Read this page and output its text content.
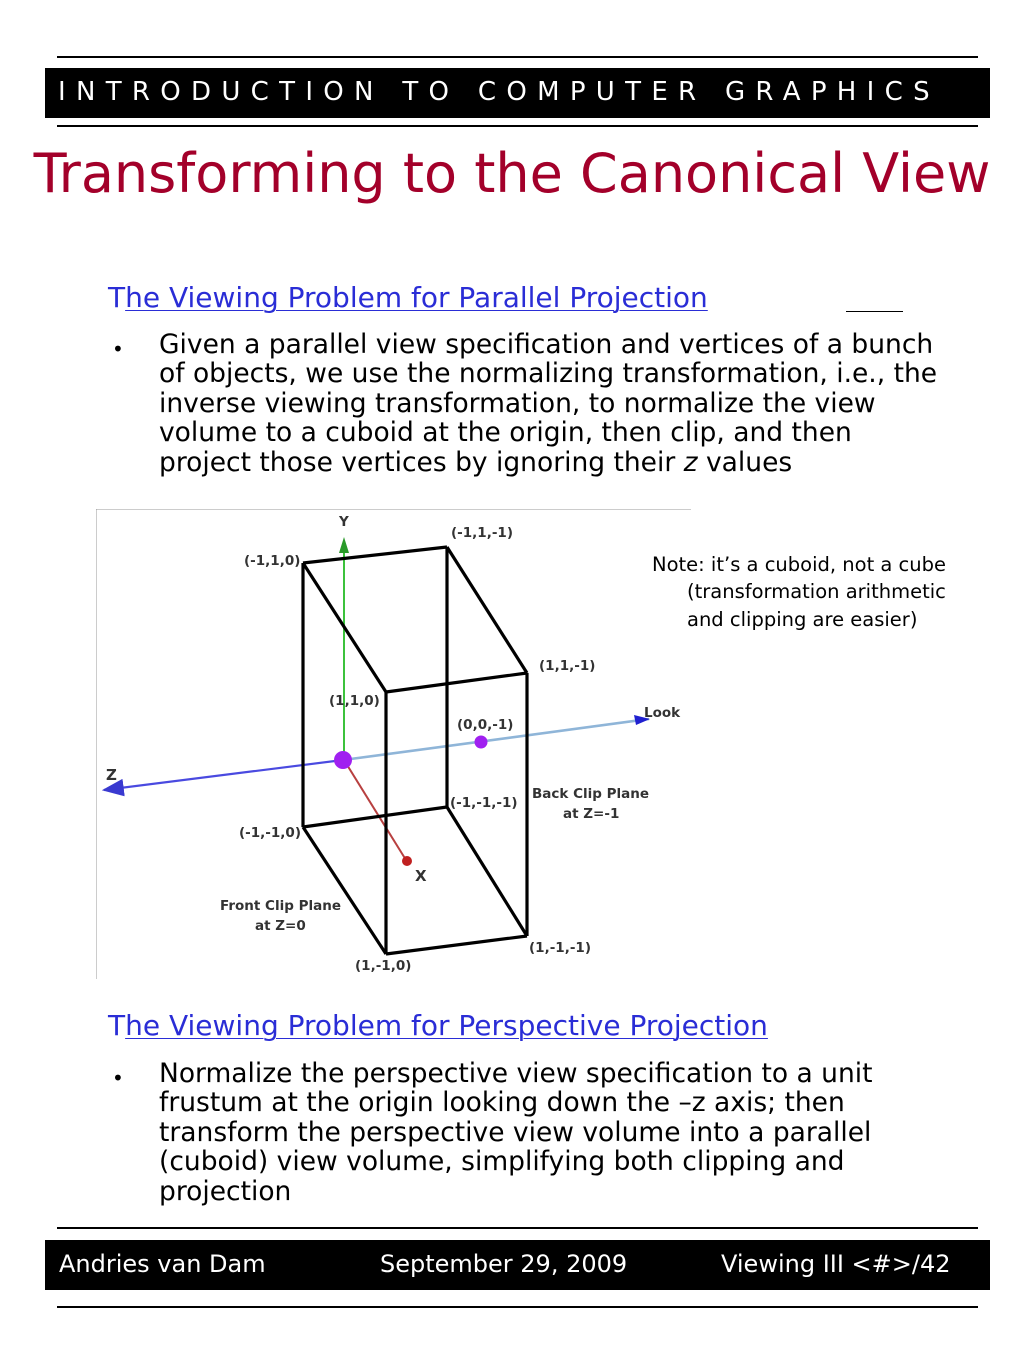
INTRODUCTION TO COMPUTER GRAPHICS
Transforming to the Canonical View
The Viewing Problem for Parallel Projection
• Given a parallel view specification and vertices of a bunch of objects, we use the normalizing transformation, i.e., the inverse viewing transformation, to normalize the view volume to a cuboid at the origin, then clip, and then project those vertices by ignoring their z values
Note: it’s a cuboid, not a cube (transformation arithmetic and clipping are easier)
Y
X
Z
Look
(-1,1,0)
(-1,1,-1)
(1,1,-1)
(1,1,0)
(0,0,-1)
(-1,-1,-1)
(-1,-1,0)
(1,-1,-1)
(1,-1,0)
Back Clip Plane
at Z=-1
Front Clip Plane
at Z=0
The Viewing Problem for Perspective Projection
• Normalize the perspective view specification to a unit frustum at the origin looking down the –z axis; then transform the perspective view volume into a parallel (cuboid) view volume, simplifying both clipping and projection
Andries van Dam	September 29, 2009	Viewing III <#>/42
